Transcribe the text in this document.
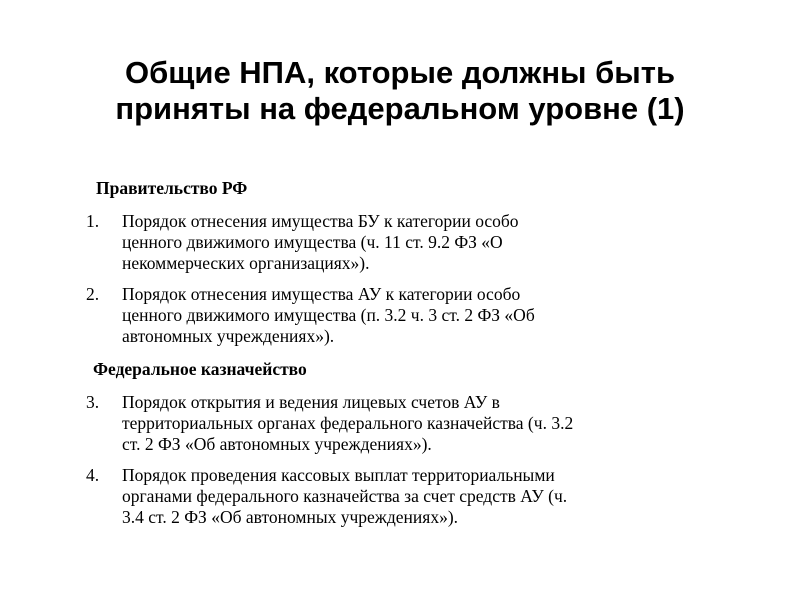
Общие НПА, которые должны быть
приняты на федеральном уровне (1)
Правительство РФ
1.	Порядок отнесения имущества БУ к категории особо
ценного движимого имущества (ч. 11 ст. 9.2 ФЗ «О
некоммерческих организациях»).
2.	Порядок отнесения имущества АУ к категории особо
ценного движимого имущества (п. 3.2 ч. 3 ст. 2 ФЗ «Об
автономных учреждениях»).
Федеральное казначейство
3.	Порядок открытия и ведения лицевых счетов АУ в
территориальных органах федерального казначейства (ч. 3.2
ст. 2 ФЗ «Об автономных учреждениях»).
4.	Порядок проведения кассовых выплат территориальными
органами федерального казначейства за счет средств АУ (ч.
3.4 ст. 2 ФЗ «Об автономных учреждениях»).
